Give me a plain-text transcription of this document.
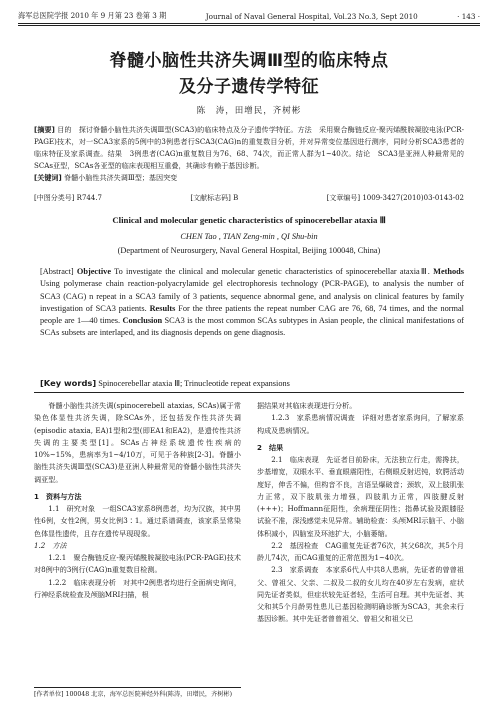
海军总医院学报 2010 年 9 月第 23 卷第 3 期	Journal of Naval General Hospital, Vol.23 No.3, Sept 2010	· 143 ·
脊髓小脑性共济失调Ⅲ型的临床特点
及分子遗传学特征
陈　涛，田增民，齐树彬
[摘要] 目的　探讨脊髓小脑性共济失调Ⅲ型(SCA3)的临床特点及分子遗传学特征。方法　采用聚合酶链反应-聚丙烯酰胺凝胶电泳(PCR-PAGE)技术，对一SCA3家系的5例中的3例患者行SCA3(CAG)n的重复数目分析，并对异常变位基因进行测序，同时分析SCA3患者的临床特征及家系调查。结果　3例患者(CAG)n重复数目为76、68、74次，而正常人群为1~40次。结论　SCA3是亚洲人种最常见的SCAs亚型，SCAs各亚型的临床表现相互重叠，其确诊有赖于基因诊断。
[关键词] 脊髓小脑性共济失调Ⅲ型；基因突变
[中图分类号] R744.7	[文献标志码] B	[文章编号] 1009-3427(2010)03-0143-02
Clinical and molecular genetic characteristics of spinocerebellar ataxia Ⅲ
CHEN Tao , TIAN Zeng-min , QI Shu-bin
(Department of Neurosurgery, Naval General Hospital, Beijing 100048, China)
[Abstract] Objective To investigate the clinical and molecular genetic characteristics of spinocerebellar ataxiaⅢ. Methods Using polymerase chain reaction-polyacrylamide gel electrophoresis technology (PCR-PAGE), to analysis the number of SCA3 (CAG) n repeat in a SCA3 family of 3 patients, sequence abnormal gene, and analysis on clinical features by family investigation of SCA3 patients. Results For the three patients the repeat number CAG are 76, 68, 74 times, and the normal people are 1—40 times. Conclusion SCA3 is the most common SCAs subtypes in Asian people, the clinical manifestations of SCAs subsets are interlaped, and its diagnosis depends on gene diagnosis.
[Key words] Spinocerebellar ataxia Ⅲ; Trinucleotide repeat expansions

脊髓小脑性共济失调(spinocerebell ataxias, SCAs)属于常染色体显性共济失调，除SCAs外，还包括发作性共济失调(episodic ataxia, EA)1型和2型(即EA1和EA2)，是遗传性共济失调的主要类型[1]。SCAs占神经系统遗传性疾病的10%~15%，患病率为1~4/10万，可见于各种族[2-3]。脊髓小脑性共济失调Ⅲ型(SCA3)是亚洲人种最常见的脊髓小脑性共济失调亚型。

1　资料与方法

1.1　研究对象　一组SCA3家系8例患者，均为汉族，其中男性6例，女性2例，男女比例3∶1。通过系谱调查，该家系呈常染色体显性遗传，且存在遗传早现现象。

1.2　方法

1.2.1　聚合酶链反应-聚丙烯酰胺凝胶电泳(PCR-PAGE)技术　对8例中的3例行(CAG)n重复数目检测。

1.2.2　临床表现分析　对其中2例患者均进行全面病史询问，行神经系统检查及颅脑MRI扫描，根

据结果对其临床表现进行分析。

1.2.3　家系患病情况调查　详细对患者家系询问，了解家系构成及患病情况。

2　结果

2.1　临床表现　先证者目前卧床，无法独立行走，需搀扶，步基增宽，双眼水平、垂直眼震阳性，右侧眼反射迟钝，软腭活动度好，伸舌不偏，但构音不良，言语呈爆破音；颈软，双上肢肌张力正常，双下肢肌张力增强，四肢肌力正常，四肢腱反射(+++)；Hoffmann征阳性，余病理征阴性；指鼻试验及跟膝胫试验不准，深浅感觉未见异常。辅助检查：头颅MRI示脑干、小脑体积减小，四脑室及环池扩大，小脑萎缩。

2.2　基因检查　CAG重复先证者76次，其父68次，其5个月龄儿74次，而CAG重复的正常范围为1~40次。

2.3　家系调查　本家系6代人中共8人患病，先证者的曾曾祖父、曾祖父、父亲、二叔及二叔的女儿均在40岁左右发病，症状同先证者类似，但症状较先证者轻，生活可自理。其中先证者、其父和其5个月龄男性患儿已基因检测明确诊断为SCA3，其余未行基因诊断。其中先证者曾曾祖父、曾祖父和祖父已

[作者单位] 100048 北京，海军总医院神经外科(陈涛，田增民，齐树彬)
